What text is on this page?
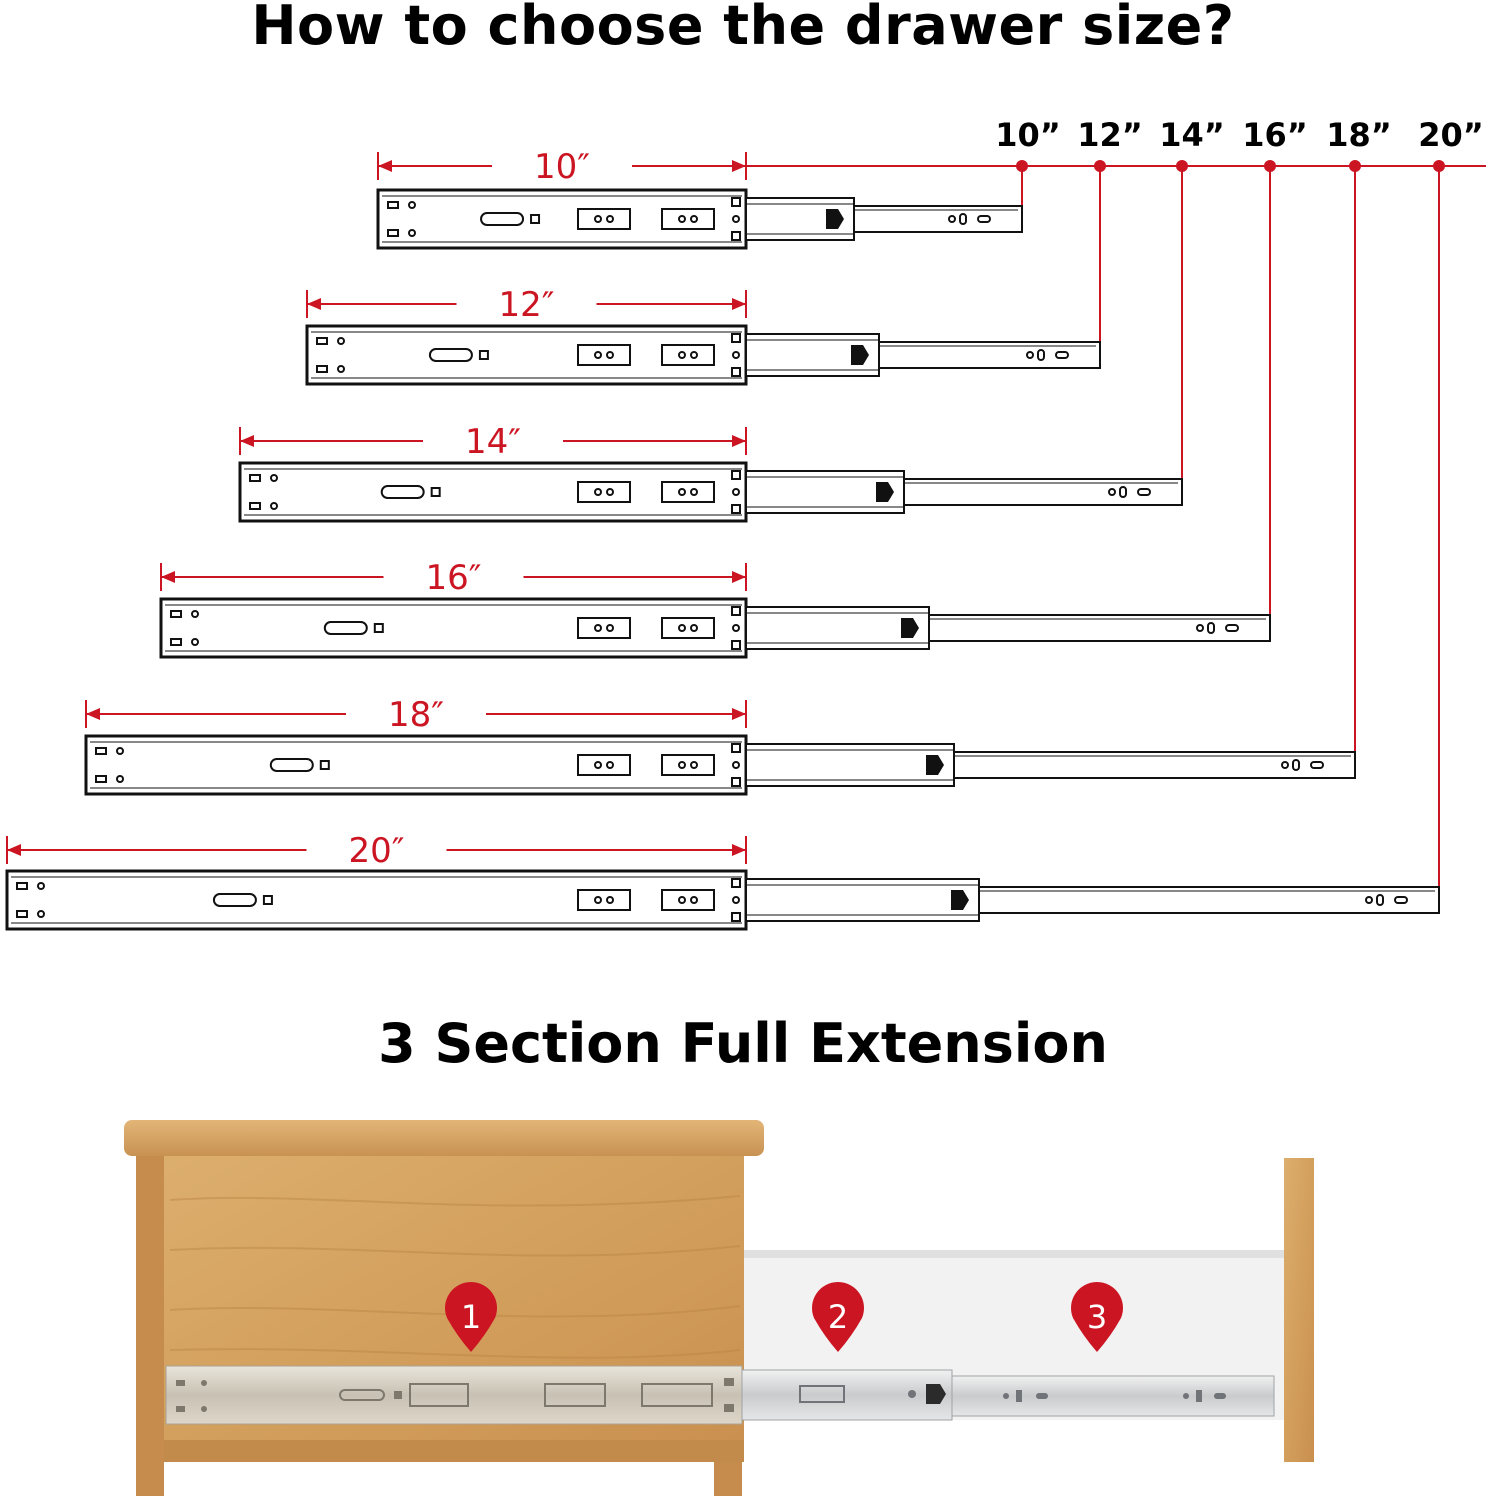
How to choose the drawer size?
10” 12” 14” 16” 18” 20”
10″
12″
14″
16″
18″
20″
3 Section Full Extension
1	2	3
